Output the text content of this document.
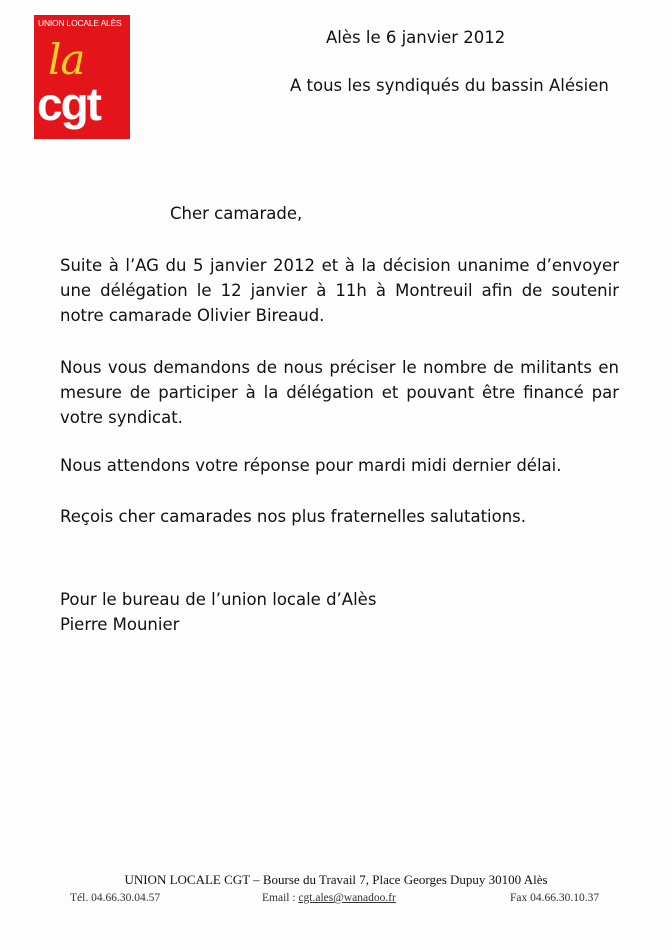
UNION LOCALE ALÈS
la
cgt
Alès le 6 janvier 2012
A tous les syndiqués du bassin Alésien
Cher camarade,
Suite à l’AG du 5 janvier 2012 et à la décision unanime d’envoyer une délégation le 12 janvier à 11h à Montreuil afin de soutenir notre camarade Olivier Bireaud.
Nous vous demandons de nous préciser le nombre de militants en mesure de participer à la délégation et pouvant être financé par votre syndicat.
Nous attendons votre réponse pour mardi midi dernier délai.
Reçois cher camarades nos plus fraternelles salutations.
Pour le bureau de l’union locale d’Alès
Pierre Mounier
UNION LOCALE CGT – Bourse du Travail 7, Place Georges Dupuy 30100 Alès
Tél. 04.66.30.04.57	Email : cgt.ales@wanadoo.fr	Fax 04.66.30.10.37
